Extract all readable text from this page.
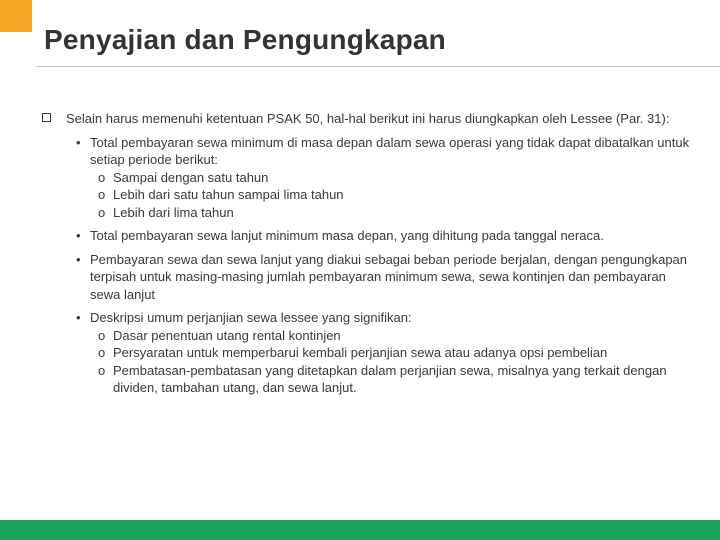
Penyajian dan Pengungkapan
Selain harus memenuhi ketentuan PSAK 50, hal-hal berikut ini harus diungkapkan oleh Lessee (Par. 31):
• Total pembayaran sewa minimum di masa depan dalam sewa operasi yang tidak dapat dibatalkan untuk setiap periode berikut:
o Sampai dengan satu tahun
o Lebih dari satu tahun sampai lima tahun
o Lebih dari lima tahun
• Total pembayaran sewa lanjut minimum masa depan, yang dihitung pada tanggal neraca.
• Pembayaran sewa dan sewa lanjut yang diakui sebagai beban periode berjalan, dengan pengungkapan terpisah untuk masing-masing jumlah pembayaran minimum sewa, sewa kontinjen dan pembayaran sewa lanjut
• Deskripsi umum perjanjian sewa lessee yang signifikan:
o Dasar penentuan utang rental kontinjen
o Persyaratan untuk memperbarui kembali perjanjian sewa atau adanya opsi pembelian
o Pembatasan-pembatasan yang ditetapkan dalam perjanjian sewa, misalnya yang terkait dengan dividen, tambahan utang, dan sewa lanjut.
